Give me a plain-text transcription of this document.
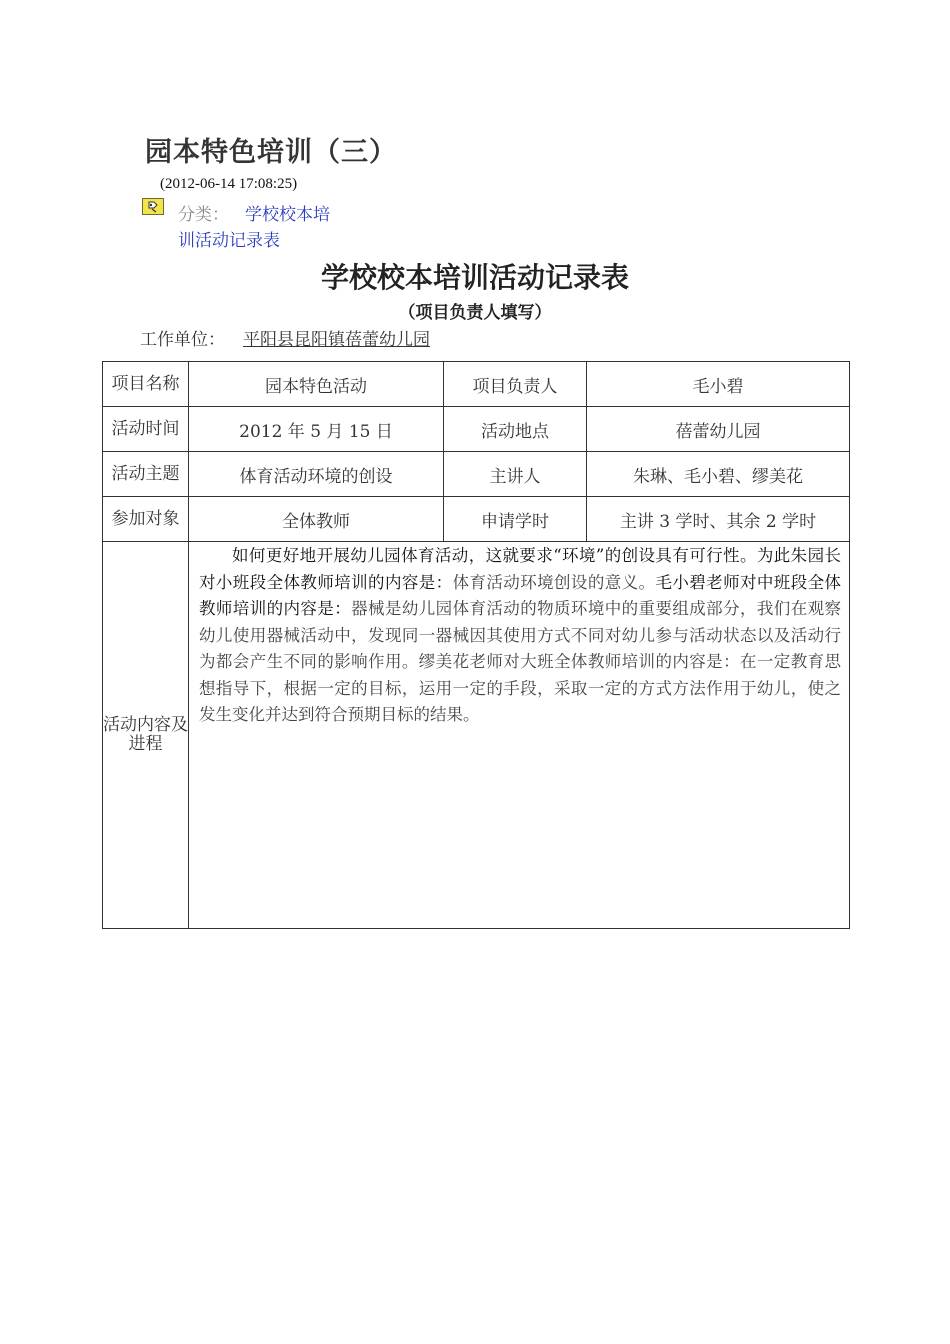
园本特色培训（三）
(2012-06-14 17:08:25)
分类： 学校校本培
训活动记录表
学校校本培训活动记录表
（项目负责人填写）
工作单位： 平阳县昆阳镇蓓蕾幼儿园
项目名称	园本特色活动	项目负责人	毛小碧
活动时间	2012 年 5 月 15 日	活动地点	蓓蕾幼儿园
活动主题	体育活动环境的创设	主讲人	朱琳、毛小碧、缪美花
参加对象	全体教师	申请学时	主讲 3 学时、其余 2 学时
活动内容及进程	如何更好地开展幼儿园体育活动，这就要求“环境”的创设具有可行性。为此朱园长对小班段全体教师培训的内容是：体育活动环境创设的意义。毛小碧老师对中班段全体教师培训的内容是：器械是幼儿园体育活动的物质环境中的重要组成部分，我们在观察幼儿使用器械活动中，发现同一器械因其使用方式不同对幼儿参与活动状态以及活动行为都会产生不同的影响作用。缪美花老师对大班全体教师培训的内容是：在一定教育思想指导下，根据一定的目标，运用一定的手段，采取一定的方式方法作用于幼儿，使之发生变化并达到符合预期目标的结果。		
